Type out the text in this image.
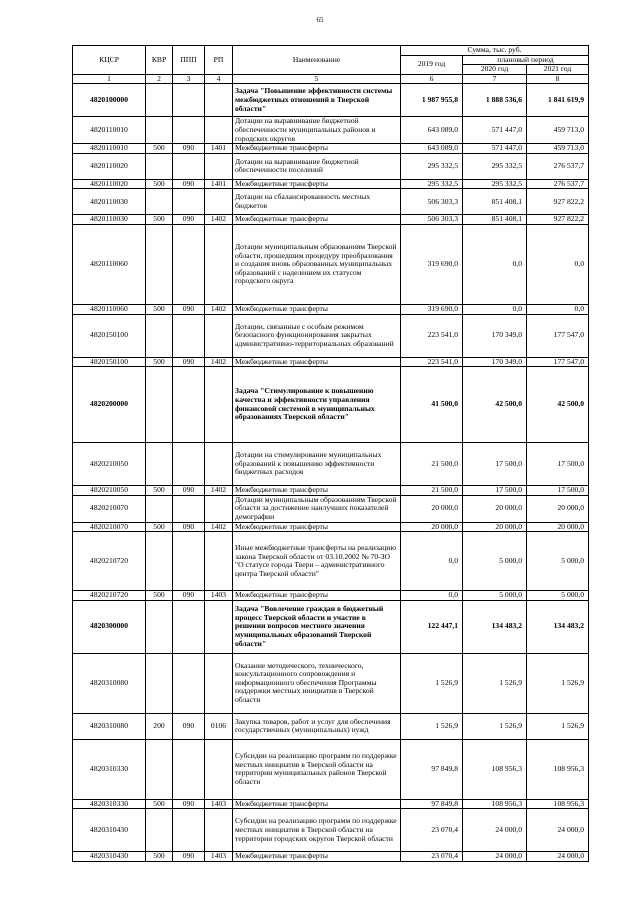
65
КЦСР	КВР	ППП	РП	Наименование	Сумма, тыс. руб.		
					2019 год	плановый период	
						2020 год	2021 год
1	2	3	4	5	6	7	8
4820100000				Задача "Повышение эффективности системы межбюджетных отношений в Тверской области"	1 987 955,8	1 888 536,6	1 841 619,9
4820110010				Дотации на выравнивание бюджетной обеспеченности муниципальных районов и городских округов	643 089,0	571 447,0	459 713,0
4820110010	500	090	1401	Межбюджетные трансферты	643 089,0	571 447,0	459 713,0
4820110020				Дотации на выравнивание бюджетной обеспеченности поселений	295 332,5	295 332,5	276 537,7
4820110020	500	090	1401	Межбюджетные трансферты	295 332,5	295 332,5	276 537,7
4820110030				Дотации на сбалансированность местных бюджетов	506 303,3	851 408,1	927 822,2
4820110030	500	090	1402	Межбюджетные трансферты	506 303,3	851 408,1	927 822,2
4820110060				Дотации муниципальным образованиям Тверской области, прошедшим процедуру преобразования и создания вновь образованных муниципальных образований с наделением их статусом городского округа	319 690,0	0,0	0,0
4820110060	500	090	1402	Межбюджетные трансферты	319 690,0	0,0	0,0
4820150100				Дотации, связанные с особым режимом безопасного функционирования закрытых административно-территориальных образований	223 541,0	170 349,0	177 547,0
4820150100	500	090	1402	Межбюджетные трансферты	223 541,0	170 349,0	177 547,0
4820200000				Задача "Стимулирование к повышению качества и эффективности управления финансовой системой в муниципальных образованиях Тверской области"	41 500,0	42 500,0	42 500,0
4820210050				Дотации на стимулирование муниципальных образований к повышению эффективности бюджетных расходов	21 500,0	17 500,0	17 500,0
4820210050	500	090	1402	Межбюджетные трансферты	21 500,0	17 500,0	17 500,0
4820210070				Дотации муниципальным образованиям Тверской области за достижение наилучших показателей демографии	20 000,0	20 000,0	20 000,0
4820210070	500	090	1402	Межбюджетные трансферты	20 000,0	20 000,0	20 000,0
4820210720				Иные межбюджетные трансферты на реализацию закона Тверской области от 03.10.2002 № 70-ЗО "О статусе города Твери – административного центра Тверской области"	0,0	5 000,0	5 000,0
4820210720	500	090	1403	Межбюджетные трансферты	0,0	5 000,0	5 000,0
4820300000				Задача "Вовлечение граждан в бюджетный процесс Тверской области и участие в решении вопросов местного значения муниципальных образований Тверской области"	122 447,1	134 483,2	134 483,2
4820310080				Оказание методического, технического, консультационного сопровождения и информационного обеспечения Программы поддержки местных инициатив в Тверской области	1 526,9	1 526,9	1 526,9
4820310080	200	090	0106	Закупка товаров, работ и услуг для обеспечения государственных (муниципальных) нужд	1 526,9	1 526,9	1 526,9
4820310330				Субсидии на реализацию программ по поддержке местных инициатив в Тверской области на территории муниципальных районов Тверской области	97 849,8	108 956,3	108 956,3
4820310330	500	090	1403	Межбюджетные трансферты	97 849,8	108 956,3	108 956,3
4820310430				Субсидии на реализацию программ по поддержке местных инициатив в Тверской области на территории городских округов Тверской области	23 070,4	24 000,0	24 000,0
4820310430	500	090	1403	Межбюджетные трансферты	23 070,4	24 000,0	24 000,0
